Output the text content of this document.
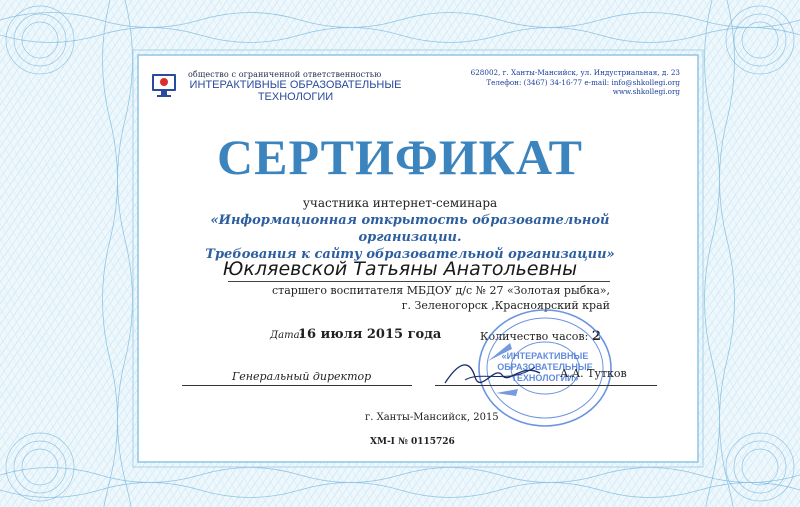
общество с ограниченной ответственностью
ИНТЕРАКТИВНЫЕ ОБРАЗОВАТЕЛЬНЫЕ
ТЕХНОЛОГИИ
628002, г. Ханты-Мансийск, ул. Индустриальная, д. 23
Телефон: (3467) 34-16-77 e-mail: info@shkollegi.org
www.shkollegi.org
СЕРТИФИКАТ
участника интернет-семинара
«Информационная открытость образовательной организации.
Требования к сайту образовательной организации»
Юкляевской Татьяны Анатольевны
старшего воспитателя МБДОУ д/с № 27 «Золотая рыбка»,
г. Зеленогорск ,Красноярский край
Дата:
16 июля 2015 года	Количество часов: 2
«ИНТЕРАКТИВНЫЕ
ОБРАЗОВАТЕЛЬНЫЕ
ТЕХНОЛОГИИ»
Генеральный директор	А.А. Тутков
г. Ханты-Мансийск, 2015
ХМ-I № 0115726
